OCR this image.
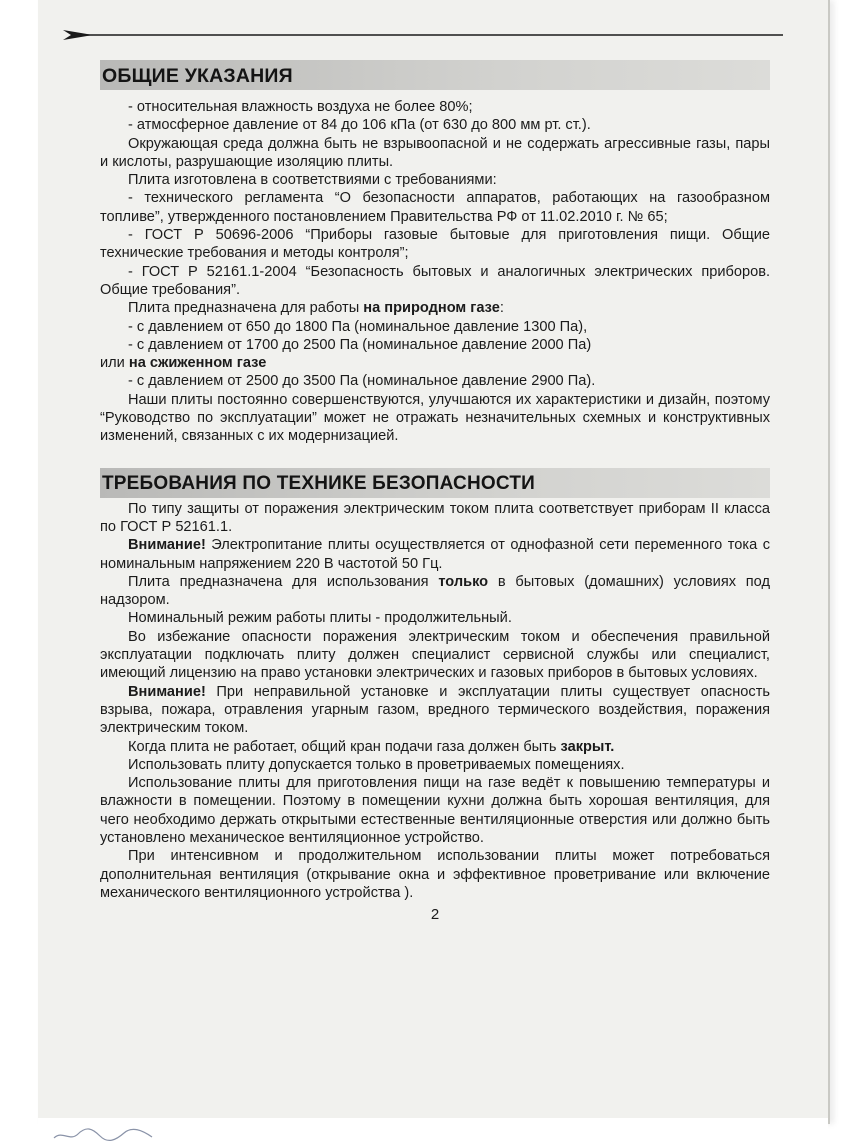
ОБЩИЕ УКАЗАНИЯ

- относительная влажность воздуха не более 80%;

- атмосферное давление от 84 до 106 кПа (от 630 до 800 мм рт. ст.).

Окружающая среда должна быть не взрывоопасной и не содержать агрессивные газы, пары и кислоты, разрушающие изоляцию плиты.

Плита изготовлена в соответствиями с требованиями:

- технического регламента “О безопасности аппаратов, работающих на газообразном топливе”, утвержденного постановлением Правительства РФ от 11.02.2010 г. № 65;

- ГОСТ Р 50696-2006 “Приборы газовые бытовые для приготовления пищи. Общие технические требования и методы контроля”;

- ГОСТ Р 52161.1-2004 “Безопасность бытовых и аналогичных электрических приборов. Общие требования”.

Плита предназначена для работы на природном газе:

- с давлением от 650 до 1800 Па (номинальное давление 1300 Па),

- с давлением от 1700 до 2500 Па (номинальное давление 2000 Па)

или на сжиженном газе

- с давлением от 2500 до 3500 Па (номинальное давление 2900 Па).

Наши плиты постоянно совершенствуются, улучшаются их характеристики и дизайн, поэтому “Руководство по эксплуатации” может не отражать незначительных схемных и конструктивных изменений, связанных с их модернизацией.

ТРЕБОВАНИЯ ПО ТЕХНИКЕ БЕЗОПАСНОСТИ

По типу защиты от поражения электрическим током плита соответствует приборам II класса по ГОСТ Р 52161.1.

Внимание! Электропитание плиты осуществляется от однофазной сети переменного тока с номинальным напряжением 220 В частотой 50 Гц.

Плита предназначена для использования только в бытовых (домашних) условиях под надзором.

Номинальный режим работы плиты - продолжительный.

Во избежание опасности поражения электрическим током и обеспечения правильной эксплуатации подключать плиту должен специалист сервисной службы или специалист, имеющий лицензию на право установки электрических и газовых приборов в бытовых условиях.

Внимание! При неправильной установке и эксплуатации плиты существует опасность взрыва, пожара, отравления угарным газом, вредного термического воздействия, поражения электрическим током.

Когда плита не работает, общий кран подачи газа должен быть закрыт.

Использовать плиту допускается только в проветриваемых помещениях.

Использование плиты для приготовления пищи на газе ведёт к повышению температуры и влажности в помещении. Поэтому в помещении кухни должна быть хорошая вентиляция, для чего необходимо держать открытыми естественные вентиляционные отверстия или должно быть установлено механическое вентиляционное устройство.

При интенсивном и продолжительном использовании плиты может потребоваться дополнительная вентиляция (открывание окна и эффективное проветривание или включение механического вентиляционного устройства ).

2
